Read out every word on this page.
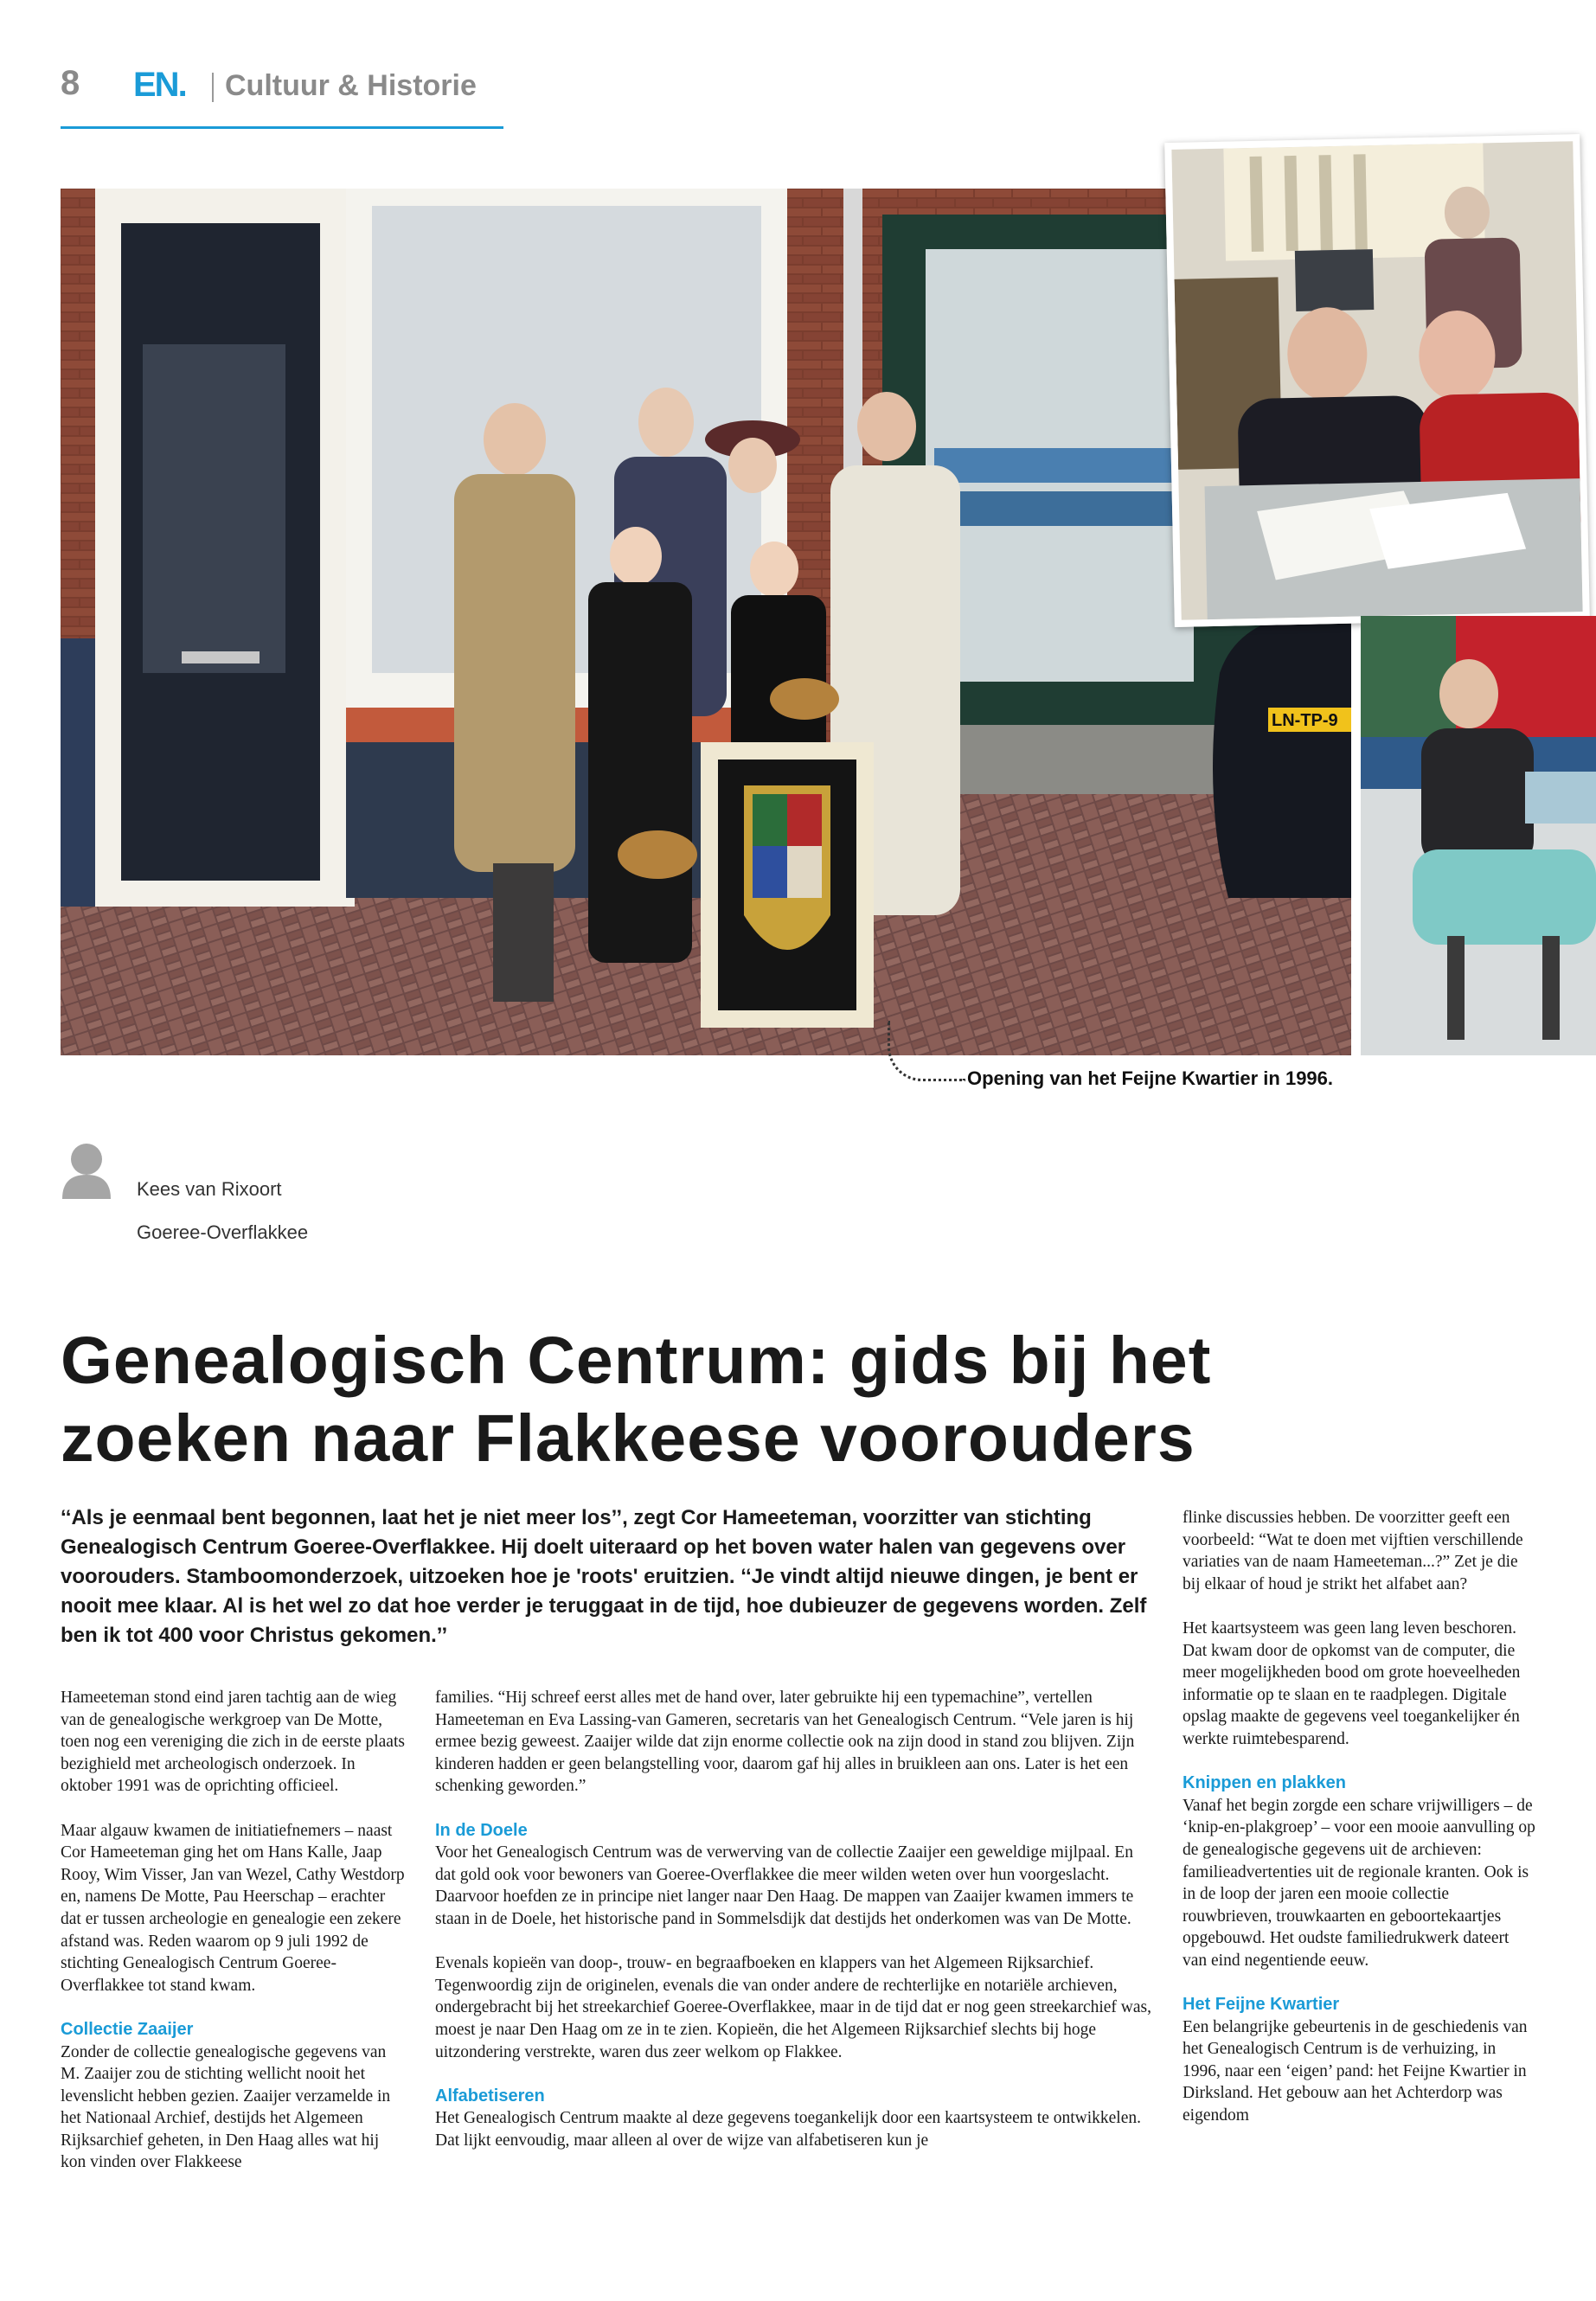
8 EN. Cultuur & Historie
LN-TP-9
Opening van het Feijne Kwartier in 1996.
Kees van Rixoort
Goeree-Overflakkee
Genealogisch Centrum: gids bij het
zoeken naar Flakkeese voorouders
‘‘Als je eenmaal bent begonnen, laat het je niet meer los’’, zegt Cor Hameeteman, voorzitter van stichting Genealogisch Centrum Goeree-Overflakkee. Hij doelt uiteraard op het boven water halen van gegevens over voorouders. Stamboomonderzoek, uitzoeken hoe je 'roots' eruitzien. ‘‘Je vindt altijd nieuwe dingen, je bent er nooit mee klaar. Al is het wel zo dat hoe verder je teruggaat in de tijd, hoe dubieuzer de gegevens worden. Zelf ben ik tot 400 voor Christus gekomen.’’

Hameeteman stond eind jaren tachtig aan de wieg van de genealogische werkgroep van De Motte, toen nog een vereniging die zich in de eerste plaats bezighield met archeologisch onderzoek. In oktober 1991 was de oprichting officieel.

Maar algauw kwamen de initiatiefnemers – naast Cor Hameeteman ging het om Hans Kalle, Jaap Rooy, Wim Visser, Jan van Wezel, Cathy Westdorp en, namens De Motte, Pau Heerschap – erachter dat er tussen archeologie en genealogie een zekere afstand was. Reden waarom op 9 juli 1992 de stichting Genealogisch Centrum Goeree-Overflakkee tot stand kwam.

Collectie Zaaijer

Zonder de collectie genealogische gegevens van M. Zaaijer zou de stichting wellicht nooit het levenslicht hebben gezien. Zaaijer verzamelde in het Nationaal Archief, destijds het Algemeen Rijksarchief geheten, in Den Haag alles wat hij kon vinden over Flakkeese

families. “Hij schreef eerst alles met de hand over, later gebruikte hij een typemachine”, vertellen Hameeteman en Eva Lassing-van Gameren, secretaris van het Genealogisch Centrum. “Vele jaren is hij ermee bezig geweest. Zaaijer wilde dat zijn enorme collectie ook na zijn dood in stand zou blijven. Zijn kinderen hadden er geen belangstelling voor, daarom gaf hij alles in bruikleen aan ons. Later is het een schenking geworden.”

In de Doele

Voor het Genealogisch Centrum was de verwerving van de collectie Zaaijer een geweldige mijlpaal. En dat gold ook voor bewoners van Goeree-Overflakkee die meer wilden weten over hun voorgeslacht. Daarvoor hoefden ze in principe niet langer naar Den Haag. De mappen van Zaaijer kwamen immers te staan in de Doele, het historische pand in Sommelsdijk dat destijds het onderkomen was van De Motte.

Evenals kopieën van doop-, trouw- en begraafboeken en klappers van het Algemeen Rijksarchief. Tegenwoordig zijn de originelen, evenals die van onder andere de rechterlijke en notariële archieven, ondergebracht bij het streekarchief Goeree-Overflakkee, maar in de tijd dat er nog geen streekarchief was, moest je naar Den Haag om ze in te zien. Kopieën, die het Algemeen Rijksarchief slechts bij hoge uitzondering verstrekte, waren dus zeer welkom op Flakkee.

Alfabetiseren

Het Genealogisch Centrum maakte al deze gegevens toegankelijk door een kaartsysteem te ontwikkelen. Dat lijkt eenvoudig, maar alleen al over de wijze van alfabetiseren kun je

flinke discussies hebben. De voorzitter geeft een voorbeeld: “Wat te doen met vijftien verschillende variaties van de naam Hameeteman...?” Zet je die bij elkaar of houd je strikt het alfabet aan?

Het kaartsysteem was geen lang leven beschoren. Dat kwam door de opkomst van de computer, die meer mogelijkheden bood om grote hoeveelheden informatie op te slaan en te raadplegen. Digitale opslag maakte de gegevens veel toegankelijker én werkte ruimtebesparend.

Knippen en plakken

Vanaf het begin zorgde een schare vrijwilligers – de ‘knip-en-plakgroep’ – voor een mooie aanvulling op de genealogische gegevens uit de archieven: familieadvertenties uit de regionale kranten. Ook is in de loop der jaren een mooie collectie rouwbrieven, trouwkaarten en geboortekaartjes opgebouwd. Het oudste familiedrukwerk dateert van eind negentiende eeuw.

Het Feijne Kwartier

Een belangrijke gebeurtenis in de geschiedenis van het Genealogisch Centrum is de verhuizing, in 1996, naar een ‘eigen’ pand: het Feijne Kwartier in Dirksland. Het gebouw aan het Achterdorp was eigendom
